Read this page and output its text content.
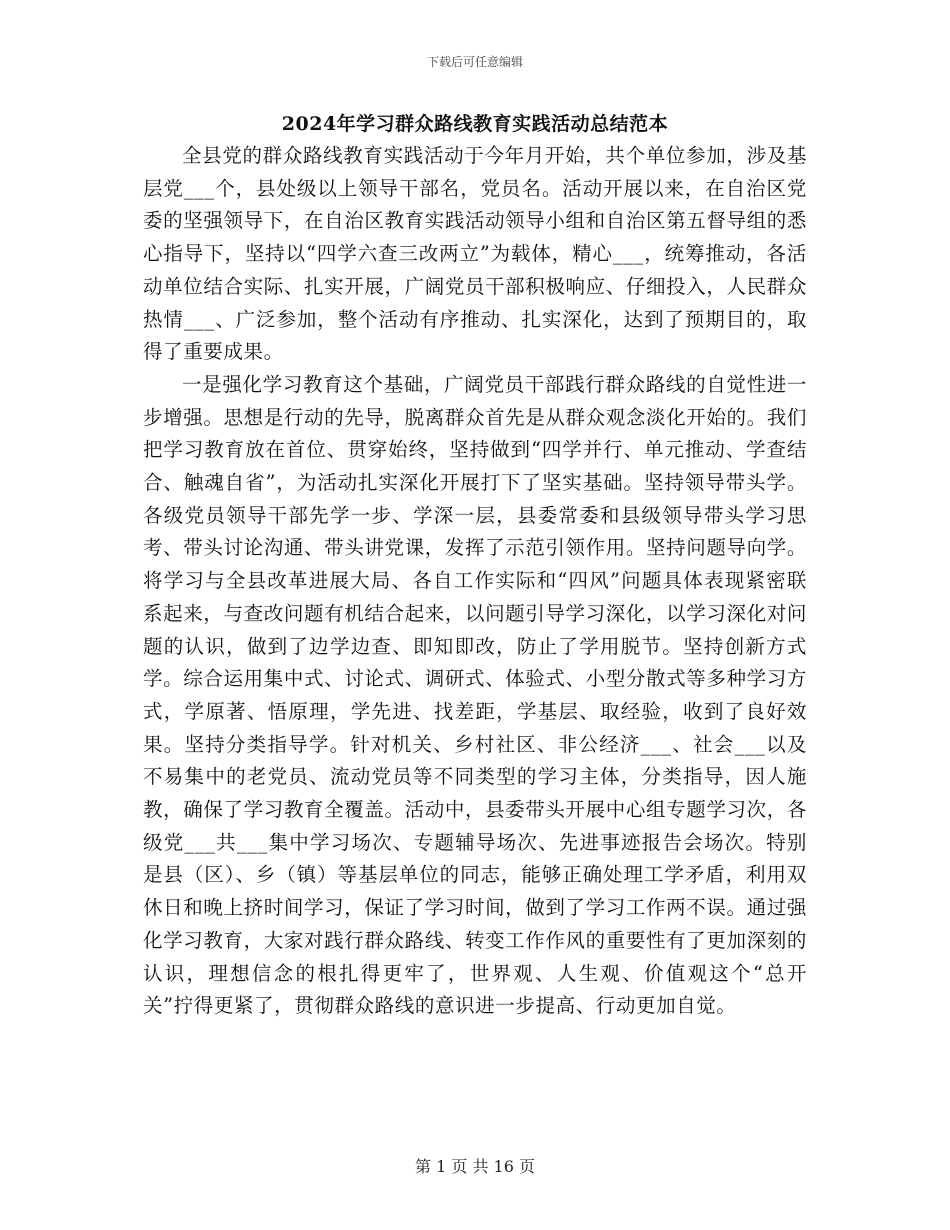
下载后可任意编辑
2024年学习群众路线教育实践活动总结范本

全县党的群众路线教育实践活动于今年月开始，共个单位参加，涉及基层党___个，县处级以上领导干部名，党员名。活动开展以来，在自治区党委的坚强领导下，在自治区教育实践活动领导小组和自治区第五督导组的悉心指导下，坚持以“四学六查三改两立”为载体，精心___，统筹推动，各活动单位结合实际、扎实开展，广阔党员干部积极响应、仔细投入，人民群众热情___、广泛参加，整个活动有序推动、扎实深化，达到了预期目的，取得了重要成果。

一是强化学习教育这个基础，广阔党员干部践行群众路线的自觉性进一步增强。思想是行动的先导，脱离群众首先是从群众观念淡化开始的。我们把学习教育放在首位、贯穿始终，坚持做到“四学并行、单元推动、学查结合、触魂自省”，为活动扎实深化开展打下了坚实基础。坚持领导带头学。各级党员领导干部先学一步、学深一层，县委常委和县级领导带头学习思考、带头讨论沟通、带头讲党课，发挥了示范引领作用。坚持问题导向学。将学习与全县改革进展大局、各自工作实际和“四风”问题具体表现紧密联系起来，与查改问题有机结合起来，以问题引导学习深化，以学习深化对问题的认识，做到了边学边查、即知即改，防止了学用脱节。坚持创新方式学。综合运用集中式、讨论式、调研式、体验式、小型分散式等多种学习方式，学原著、悟原理，学先进、找差距，学基层、取经验，收到了良好效果。坚持分类指导学。针对机关、乡村社区、非公经济___、社会___以及不易集中的老党员、流动党员等不同类型的学习主体，分类指导，因人施教，确保了学习教育全覆盖。活动中，县委带头开展中心组专题学习次，各级党___共___集中学习场次、专题辅导场次、先进事迹报告会场次。特别是县（区）、乡（镇）等基层单位的同志，能够正确处理工学矛盾，利用双休日和晚上挤时间学习，保证了学习时间，做到了学习工作两不误。通过强化学习教育，大家对践行群众路线、转变工作作风的重要性有了更加深刻的认识，理想信念的根扎得更牢了，世界观、人生观、价值观这个“总开关”拧得更紧了，贯彻群众路线的意识进一步提高、行动更加自觉。

第 1 页 共 16 页
